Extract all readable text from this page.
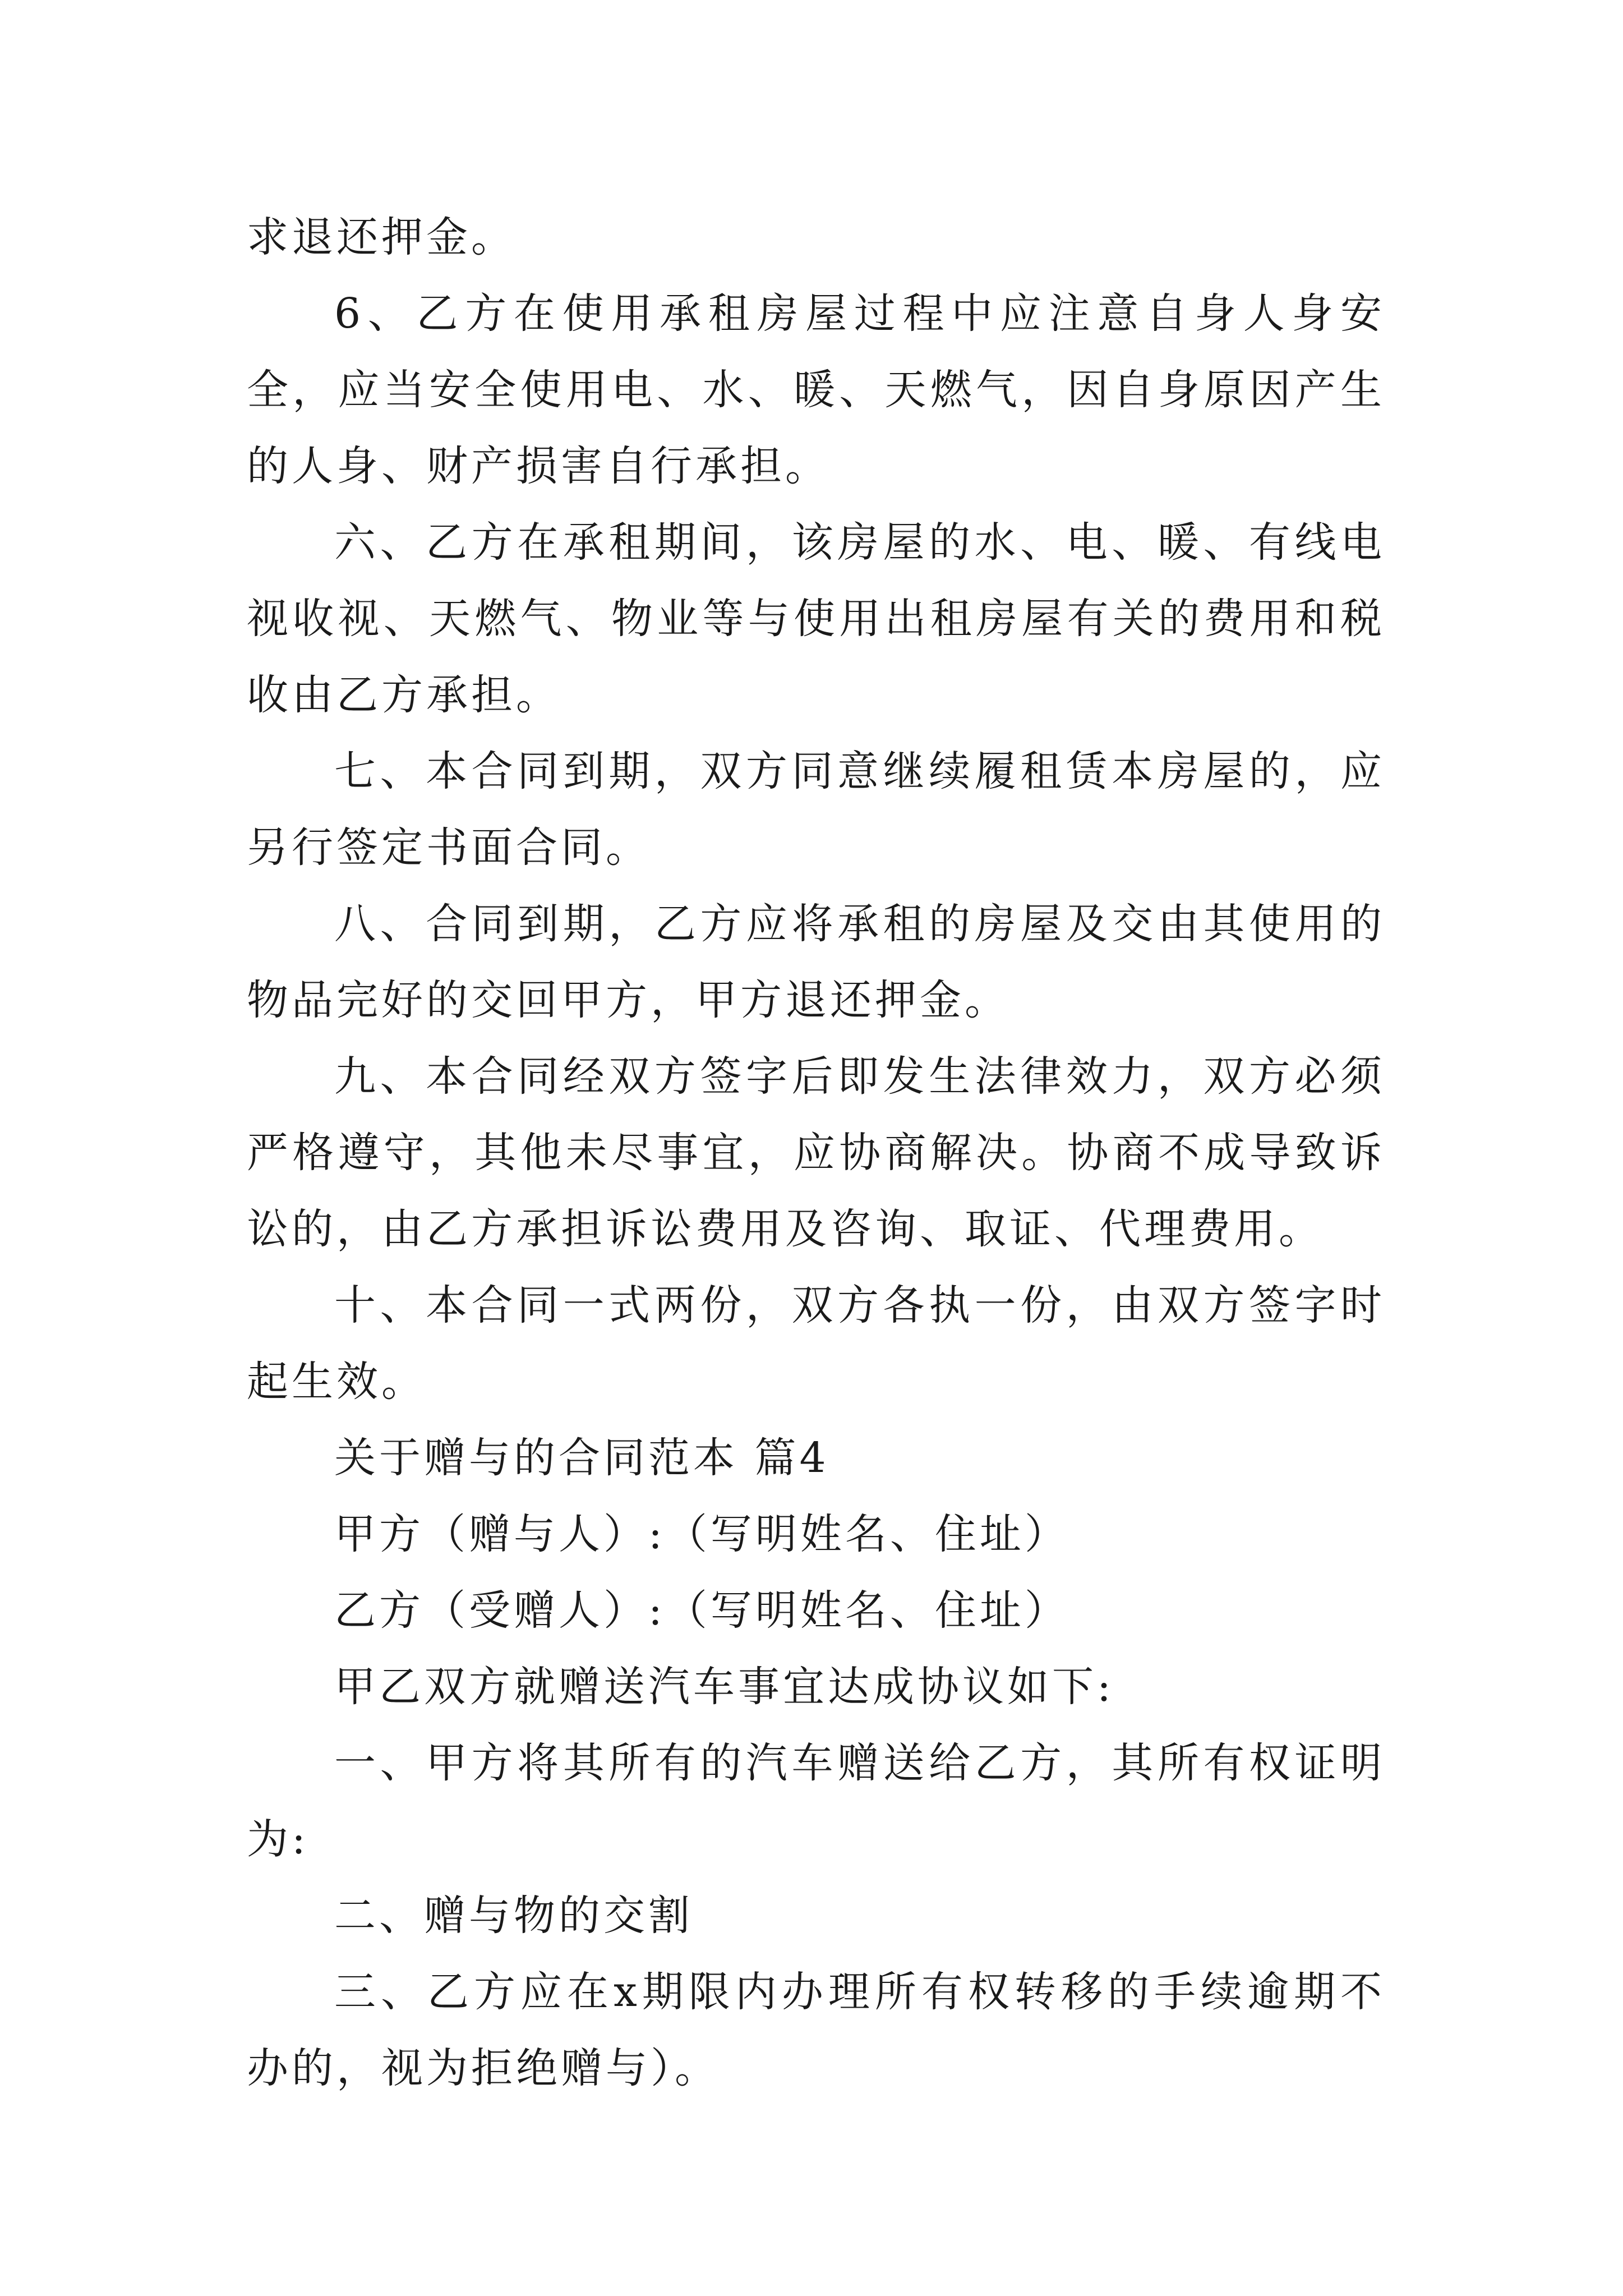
求退还押金。

6、乙方在使用承租房屋过程中应注意自身人身安全，应当安全使用电、水、暖、天燃气，因自身原因产生的人身、财产损害自行承担。

六、乙方在承租期间，该房屋的水、电、暖、有线电视收视、天燃气、物业等与使用出租房屋有关的费用和税收由乙方承担。

七、本合同到期，双方同意继续履租赁本房屋的，应另行签定书面合同。

八、合同到期，乙方应将承租的房屋及交由其使用的物品完好的交回甲方，甲方退还押金。

九、本合同经双方签字后即发生法律效力，双方必须严格遵守，其他未尽事宜，应协商解决。协商不成导致诉讼的，由乙方承担诉讼费用及咨询、取证、代理费用。

十、本合同一式两份，双方各执一份，由双方签字时起生效。

关于赠与的合同范本 篇4

甲方（赠与人）:（写明姓名、住址）

乙方（受赠人）:（写明姓名、住址）

甲乙双方就赠送汽车事宜达成协议如下:

一、甲方将其所有的汽车赠送给乙方，其所有权证明为:

二、赠与物的交割

三、乙方应在x期限内办理所有权转移的手续逾期不办的，视为拒绝赠与）。
